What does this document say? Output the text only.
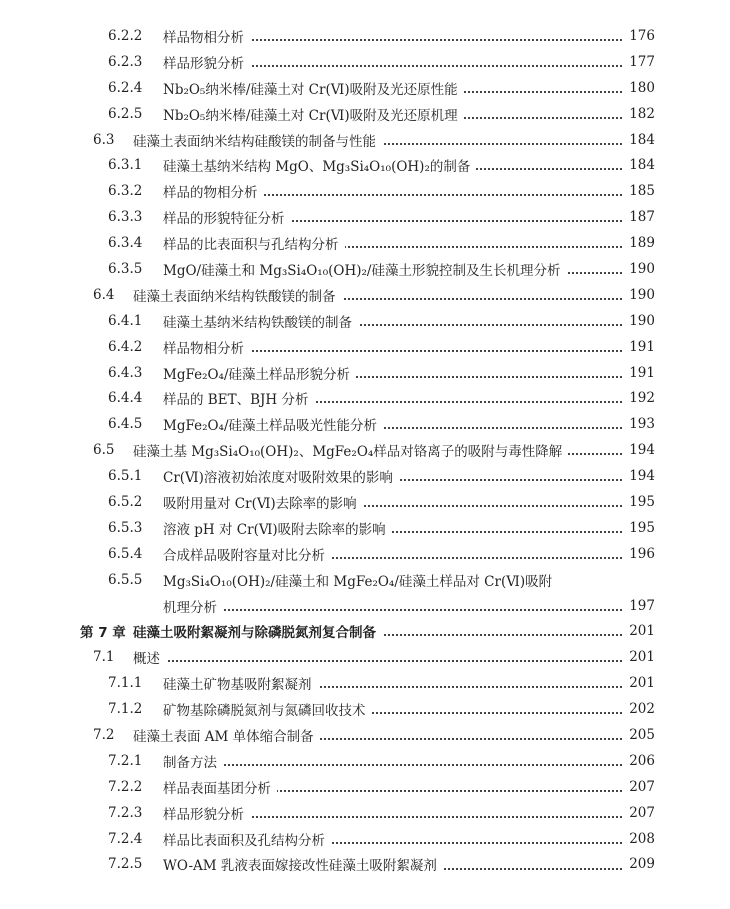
6.2.2 样品物相分析	176
6.2.3 样品形貌分析	177
6.2.4 Nb₂O₅纳米棒/硅藻土对 Cr(Ⅵ)吸附及光还原性能	180
6.2.5 Nb₂O₅纳米棒/硅藻土对 Cr(Ⅵ)吸附及光还原机理	182
6.3 硅藻土表面纳米结构硅酸镁的制备与性能	184
6.3.1 硅藻土基纳米结构 MgO、Mg₃Si₄O₁₀(OH)₂的制备	184
6.3.2 样品的物相分析	185
6.3.3 样品的形貌特征分析	187
6.3.4 样品的比表面积与孔结构分析	189
6.3.5 MgO/硅藻土和 Mg₃Si₄O₁₀(OH)₂/硅藻土形貌控制及生长机理分析	190
6.4 硅藻土表面纳米结构铁酸镁的制备	190
6.4.1 硅藻土基纳米结构铁酸镁的制备	190
6.4.2 样品物相分析	191
6.4.3 MgFe₂O₄/硅藻土样品形貌分析	191
6.4.4 样品的 BET、BJH 分析	192
6.4.5 MgFe₂O₄/硅藻土样品吸光性能分析	193
6.5 硅藻土基 Mg₃Si₄O₁₀(OH)₂、MgFe₂O₄样品对铬离子的吸附与毒性降解	194
6.5.1 Cr(Ⅵ)溶液初始浓度对吸附效果的影响	194
6.5.2 吸附用量对 Cr(Ⅵ)去除率的影响	195
6.5.3 溶液 pH 对 Cr(Ⅵ)吸附去除率的影响	195
6.5.4 合成样品吸附容量对比分析	196
6.5.5 Mg₃Si₄O₁₀(OH)₂/硅藻土和 MgFe₂O₄/硅藻土样品对 Cr(Ⅵ)吸附
机理分析	197
第 7 章 硅藻土吸附絮凝剂与除磷脱氮剂复合制备	201
7.1 概述	201
7.1.1 硅藻土矿物基吸附絮凝剂	201
7.1.2 矿物基除磷脱氮剂与氮磷回收技术	202
7.2 硅藻土表面 AM 单体缩合制备	205
7.2.1 制备方法	206
7.2.2 样品表面基团分析	207
7.2.3 样品形貌分析	207
7.2.4 样品比表面积及孔结构分析	208
7.2.5 WO-AM 乳液表面嫁接改性硅藻土吸附絮凝剂	209
